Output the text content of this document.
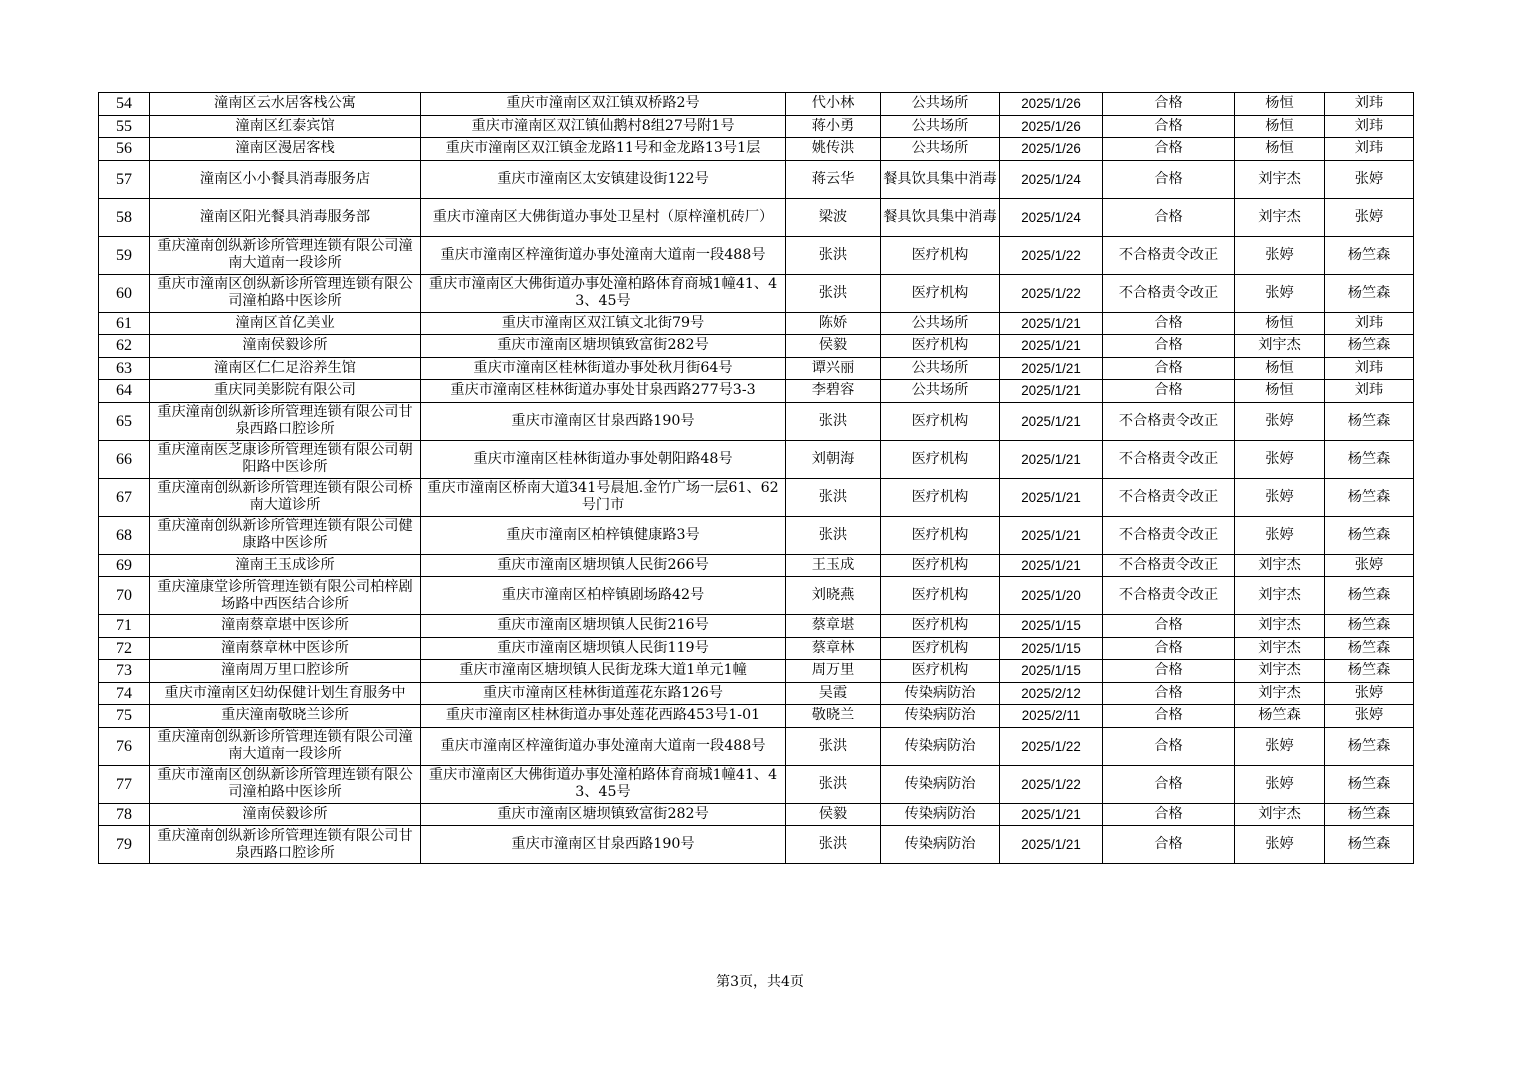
54	潼南区云水居客栈公寓	重庆市潼南区双江镇双桥路2号	代小林	公共场所	2025/1/26	合格	杨恒	刘玮
55	潼南区红泰宾馆	重庆市潼南区双江镇仙鹅村8组27号附1号	蒋小勇	公共场所	2025/1/26	合格	杨恒	刘玮
56	潼南区漫居客栈	重庆市潼南区双江镇金龙路11号和金龙路13号1层	姚传洪	公共场所	2025/1/26	合格	杨恒	刘玮
57	潼南区小小餐具消毒服务店	重庆市潼南区太安镇建设街122号	蒋云华	餐具饮具集中消毒	2025/1/24	合格	刘宇杰	张婷
58	潼南区阳光餐具消毒服务部	重庆市潼南区大佛街道办事处卫星村（原梓潼机砖厂）	梁波	餐具饮具集中消毒	2025/1/24	合格	刘宇杰	张婷
59	重庆潼南创纵新诊所管理连锁有限公司潼南大道南一段诊所	重庆市潼南区梓潼街道办事处潼南大道南一段488号	张洪	医疗机构	2025/1/22	不合格责令改正	张婷	杨竺森
60	重庆市潼南区创纵新诊所管理连锁有限公司潼柏路中医诊所	重庆市潼南区大佛街道办事处潼柏路体育商城1幢41、43、45号	张洪	医疗机构	2025/1/22	不合格责令改正	张婷	杨竺森
61	潼南区首亿美业	重庆市潼南区双江镇文北街79号	陈娇	公共场所	2025/1/21	合格	杨恒	刘玮
62	潼南侯毅诊所	重庆市潼南区塘坝镇致富街282号	侯毅	医疗机构	2025/1/21	合格	刘宇杰	杨竺森
63	潼南区仁仁足浴养生馆	重庆市潼南区桂林街道办事处秋月街64号	谭兴丽	公共场所	2025/1/21	合格	杨恒	刘玮
64	重庆同美影院有限公司	重庆市潼南区桂林街道办事处甘泉西路277号3-3	李碧容	公共场所	2025/1/21	合格	杨恒	刘玮
65	重庆潼南创纵新诊所管理连锁有限公司甘泉西路口腔诊所	重庆市潼南区甘泉西路190号	张洪	医疗机构	2025/1/21	不合格责令改正	张婷	杨竺森
66	重庆潼南医芝康诊所管理连锁有限公司朝阳路中医诊所	重庆市潼南区桂林街道办事处朝阳路48号	刘朝海	医疗机构	2025/1/21	不合格责令改正	张婷	杨竺森
67	重庆潼南创纵新诊所管理连锁有限公司桥南大道诊所	重庆市潼南区桥南大道341号晨旭.金竹广场一层61、62号门市	张洪	医疗机构	2025/1/21	不合格责令改正	张婷	杨竺森
68	重庆潼南创纵新诊所管理连锁有限公司健康路中医诊所	重庆市潼南区柏梓镇健康路3号	张洪	医疗机构	2025/1/21	不合格责令改正	张婷	杨竺森
69	潼南王玉成诊所	重庆市潼南区塘坝镇人民街266号	王玉成	医疗机构	2025/1/21	不合格责令改正	刘宇杰	张婷
70	重庆潼康堂诊所管理连锁有限公司柏梓剧场路中西医结合诊所	重庆市潼南区柏梓镇剧场路42号	刘晓燕	医疗机构	2025/1/20	不合格责令改正	刘宇杰	杨竺森
71	潼南蔡章堪中医诊所	重庆市潼南区塘坝镇人民街216号	蔡章堪	医疗机构	2025/1/15	合格	刘宇杰	杨竺森
72	潼南蔡章林中医诊所	重庆市潼南区塘坝镇人民街119号	蔡章林	医疗机构	2025/1/15	合格	刘宇杰	杨竺森
73	潼南周万里口腔诊所	重庆市潼南区塘坝镇人民街龙珠大道1单元1幢	周万里	医疗机构	2025/1/15	合格	刘宇杰	杨竺森
74	重庆市潼南区妇幼保健计划生育服务中	重庆市潼南区桂林街道莲花东路126号	吴霞	传染病防治	2025/2/12	合格	刘宇杰	张婷
75	重庆潼南敬晓兰诊所	重庆市潼南区桂林街道办事处莲花西路453号1-01	敬晓兰	传染病防治	2025/2/11	合格	杨竺森	张婷
76	重庆潼南创纵新诊所管理连锁有限公司潼南大道南一段诊所	重庆市潼南区梓潼街道办事处潼南大道南一段488号	张洪	传染病防治	2025/1/22	合格	张婷	杨竺森
77	重庆市潼南区创纵新诊所管理连锁有限公司潼柏路中医诊所	重庆市潼南区大佛街道办事处潼柏路体育商城1幢41、43、45号	张洪	传染病防治	2025/1/22	合格	张婷	杨竺森
78	潼南侯毅诊所	重庆市潼南区塘坝镇致富街282号	侯毅	传染病防治	2025/1/21	合格	刘宇杰	杨竺森
79	重庆潼南创纵新诊所管理连锁有限公司甘泉西路口腔诊所	重庆市潼南区甘泉西路190号	张洪	传染病防治	2025/1/21	合格	张婷	杨竺森
第3页，共4页
